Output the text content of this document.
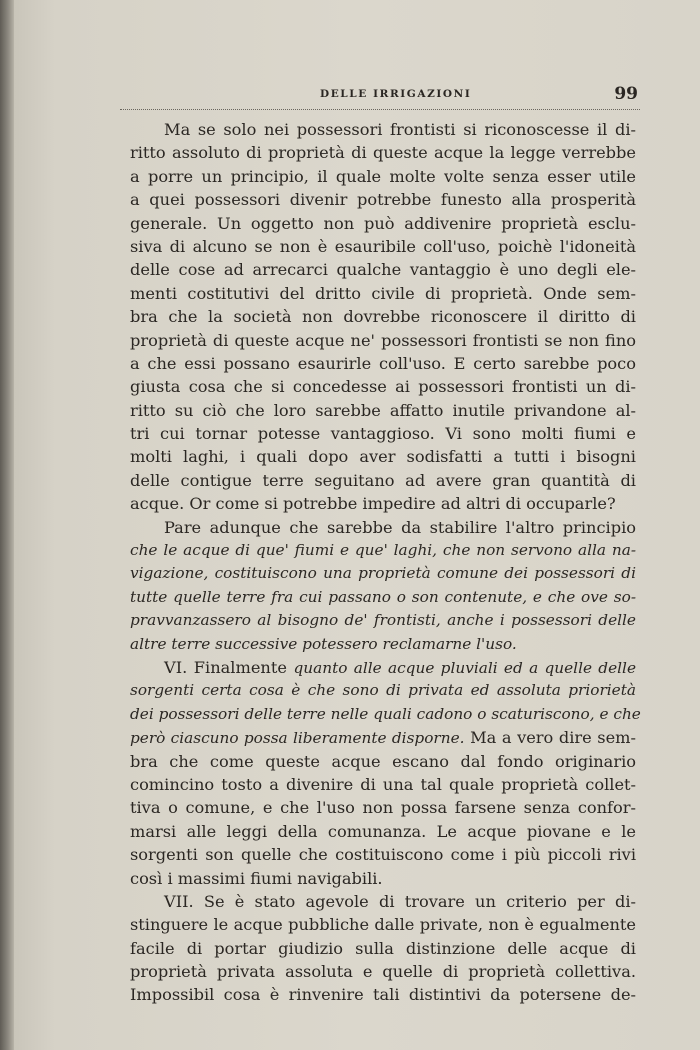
DELLE IRRIGAZIONI	99
Ma se solo nei possessori frontisti si riconoscesse il di-
ritto assoluto di proprietà di queste acque la legge verrebbe
a porre un principio, il quale molte volte senza esser utile
a quei possessori divenir potrebbe funesto alla prosperità
generale. Un oggetto non può addivenire proprietà esclu-
siva di alcuno se non è esauribile coll'uso, poichè l'idoneità
delle cose ad arrecarci qualche vantaggio è uno degli ele-
menti costitutivi del dritto civile di proprietà. Onde sem-
bra che la società non dovrebbe riconoscere il diritto di
proprietà di queste acque ne' possessori frontisti se non fino
a che essi possano esaurirle coll'uso. E certo sarebbe poco
giusta cosa che si concedesse ai possessori frontisti un di-
ritto su ciò che loro sarebbe affatto inutile privandone al-
tri cui tornar potesse vantaggioso. Vi sono molti fiumi e
molti laghi, i quali dopo aver sodisfatti a tutti i bisogni
delle contigue terre seguitano ad avere gran quantità di
acque. Or come si potrebbe impedire ad altri di occuparle?
Pare adunque che sarebbe da stabilire l'altro principio
che le acque di que' fiumi e que' laghi, che non servono alla na-
vigazione, costituiscono una proprietà comune dei possessori di
tutte quelle terre fra cui passano o son contenute, e che ove so-
pravvanzassero al bisogno de' frontisti, anche i possessori delle
altre terre successive potessero reclamarne l'uso.
VI. Finalmente quanto alle acque pluviali ed a quelle delle
sorgenti certa cosa è che sono di privata ed assoluta priorietà
dei possessori delle terre nelle quali cadono o scaturiscono, e che
però ciascuno possa liberamente disporne. Ma a vero dire sem-
bra che come queste acque escano dal fondo originario
comincino tosto a divenire di una tal quale proprietà collet-
tiva o comune, e che l'uso non possa farsene senza confor-
marsi alle leggi della comunanza. Le acque piovane e le
sorgenti son quelle che costituiscono come i più piccoli rivi
così i massimi fiumi navigabili.
VII. Se è stato agevole di trovare un criterio per di-
stinguere le acque pubbliche dalle private, non è egualmente
facile di portar giudizio sulla distinzione delle acque di
proprietà privata assoluta e quelle di proprietà collettiva.
Impossibil cosa è rinvenire tali distintivi da potersene de-
